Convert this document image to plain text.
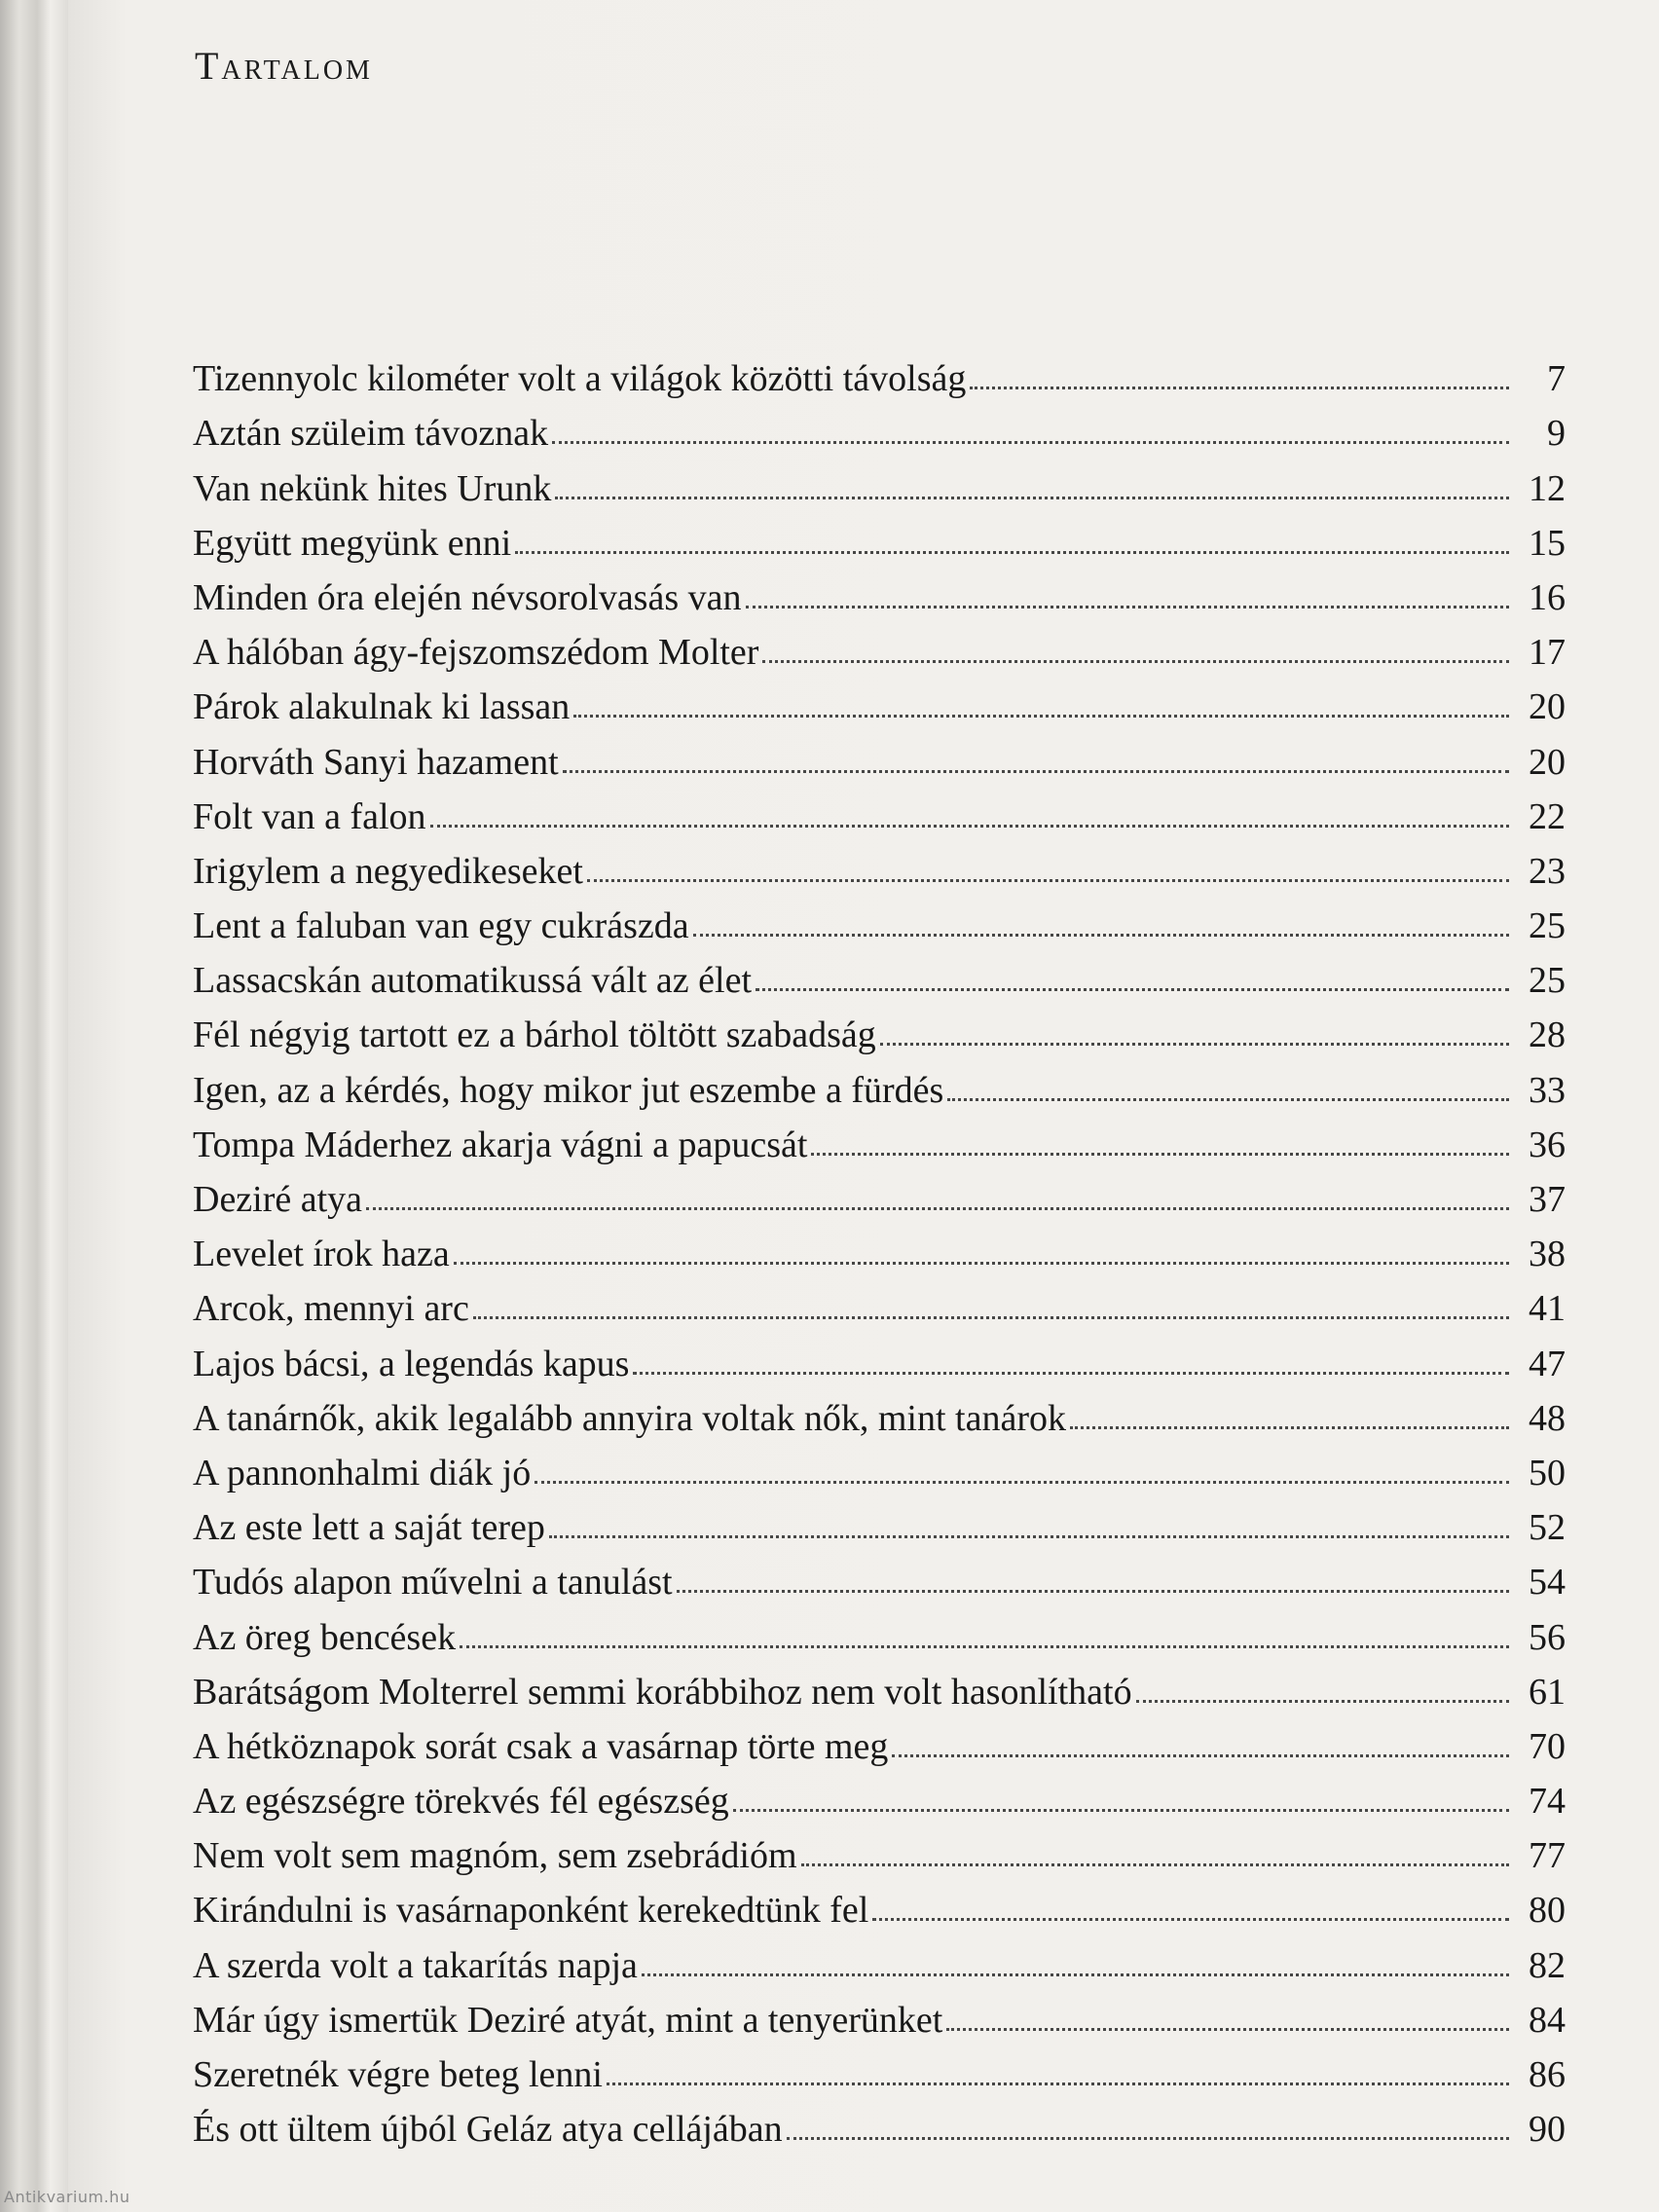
Tartalom
Tizennyolc kilométer volt a világok közötti távolság	7
Aztán szüleim távoznak	9
Van nekünk hites Urunk	12
Együtt megyünk enni	15
Minden óra elején névsorolvasás van	16
A hálóban ágy-fejszomszédom Molter	17
Párok alakulnak ki lassan	20
Horváth Sanyi hazament	20
Folt van a falon	22
Irigylem a negyedikeseket	23
Lent a faluban van egy cukrászda	25
Lassacskán automatikussá vált az élet	25
Fél négyig tartott ez a bárhol töltött szabadság	28
Igen, az a kérdés, hogy mikor jut eszembe a fürdés	33
Tompa Máderhez akarja vágni a papucsát	36
Deziré atya	37
Levelet írok haza	38
Arcok, mennyi arc	41
Lajos bácsi, a legendás kapus	47
A tanárnők, akik legalább annyira voltak nők, mint tanárok	48
A pannonhalmi diák jó	50
Az este lett a saját terep	52
Tudós alapon művelni a tanulást	54
Az öreg bencések	56
Barátságom Molterrel semmi korábbihoz nem volt hasonlítható	61
A hétköznapok sorát csak a vasárnap törte meg	70
Az egészségre törekvés fél egészség	74
Nem volt sem magnóm, sem zsebrádióm	77
Kirándulni is vasárnaponként kerekedtünk fel	80
A szerda volt a takarítás napja	82
Már úgy ismertük Deziré atyát, mint a tenyerünket	84
Szeretnék végre beteg lenni	86
És ott ültem újból Geláz atya cellájában	90
Antikvarium.hu
